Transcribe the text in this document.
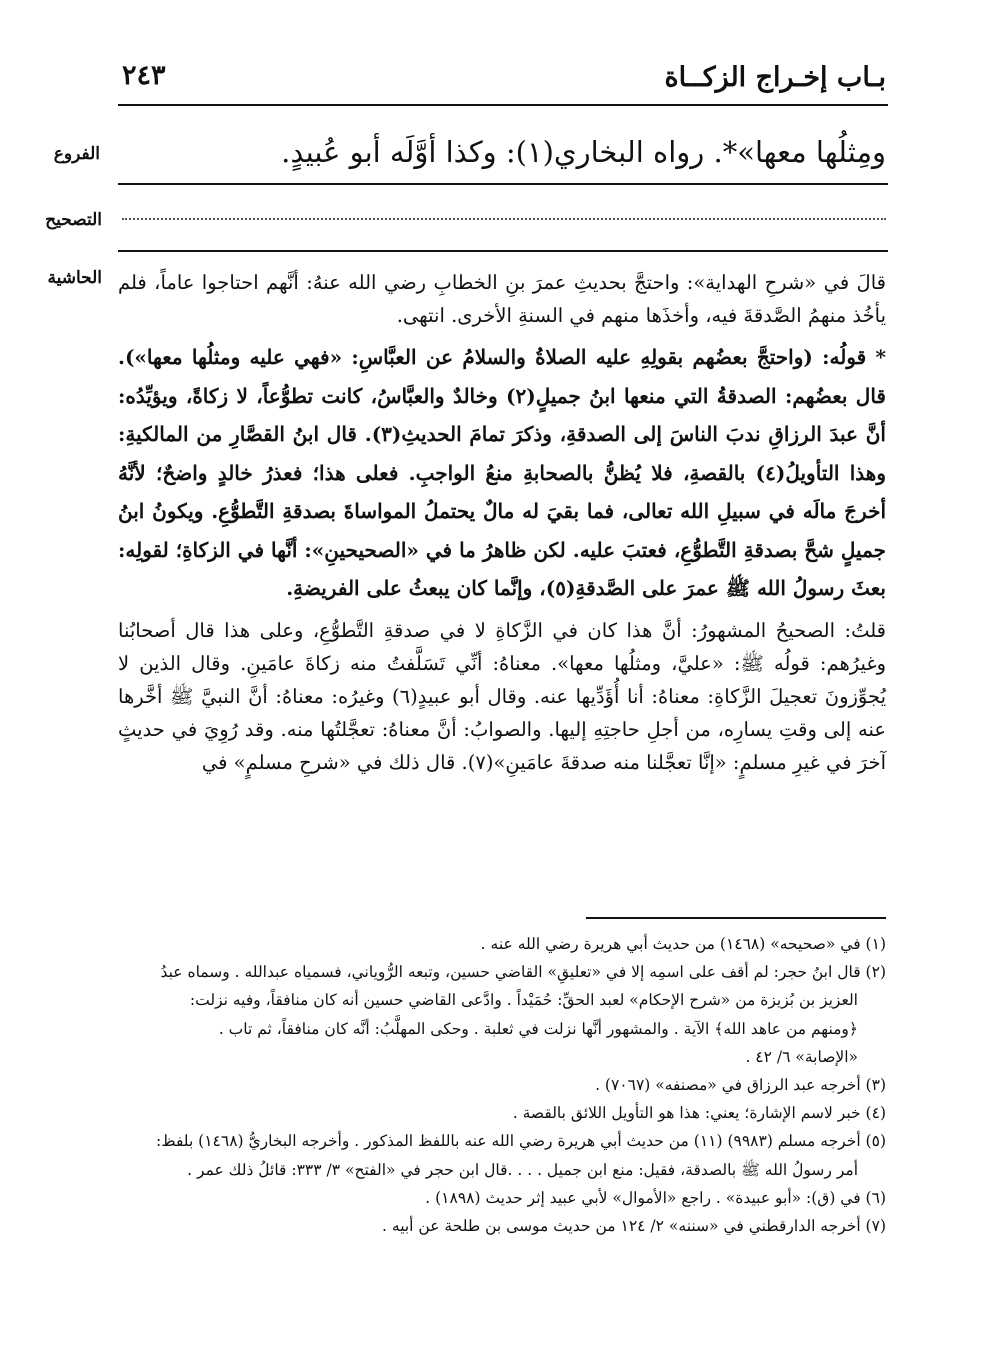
بـاب إخـراج الزكــاة
٢٤٣
الفروع
التصحيح
الحاشية
ومِثلُها معها»*. رواه البخاري(١): وكذا أوَّلَه أبو عُبيدٍ.

قالَ في «شرحِ الهداية»: واحتجَّ بحديثِ عمرَ بنِ الخطابِ رضي الله عنهُ: أنَّهم احتاجوا عاماً، فلم يأخُذ منهمُ الصَّدقةَ فيه، وأخذَها منهم في السنةِ الأخرى. انتهى.

* قولُه: (واحتجَّ بعضُهم بقولِهِ عليه الصلاةُ والسلامُ عن العبَّاسِ: «فهي عليه ومثلُها معها»). قال بعضُهم: الصدقةُ التي منعها ابنُ جميلٍ(٢) وخالدٌ والعبَّاسُ، كانت تطوُّعاً، لا زكاةً، ويؤيِّدُه: أنَّ عبدَ الرزاقِ ندبَ الناسَ إلى الصدقةِ، وذكرَ تمامَ الحديثِ(٣). قال ابنُ القصَّارِ من المالكيةِ: وهذا التأويلُ(٤) بالقصةِ، فلا يُظنُّ بالصحابةِ منعُ الواجبِ. فعلى هذا؛ فعذرُ خالدٍ واضحٌ؛ لأنَّهُ أخرجَ مالَه في سبيلِ الله تعالى، فما بقيَ له مالٌ يحتملُ المواساةَ بصدقةِ التَّطوُّعِ. ويكونُ ابنُ جميلٍ شحَّ بصدقةِ التَّطوُّعِ، فعتبَ عليه. لكن ظاهرُ ما في «الصحيحينِ»: أنَّها في الزكاةِ؛ لقولِه: بعثَ رسولُ الله ﷺ عمرَ على الصَّدقةِ(٥)، وإنَّما كان يبعثُ على الفريضةِ.

قلتُ: الصحيحُ المشهورُ: أنَّ هذا كان في الزَّكاةِ لا في صدقةِ التَّطوُّعِ، وعلى هذا قال أصحابُنا وغيرُهم: قولُه ﷺ: «عليَّ، ومثلُها معها». معناهُ: أنِّي تَسَلَّفتُ منه زكاةَ عامَينِ. وقال الذين لا يُجوِّزونَ تعجيلَ الزَّكاةِ: معناهُ: أنا أُؤَدِّيها عنه. وقال أبو عبيدٍ(٦) وغيرُه: معناهُ: أنَّ النبيَّ ﷺ أخَّرها عنه إلى وقتِ يسارِه، من أجلِ حاجتِهِ إليها. والصوابُ: أنَّ معناهُ: تعجَّلتُها منه. وقد رُوِيَ في حديثٍ آخرَ في غيرِ مسلمٍ: «إنَّا تعجَّلنا منه صدقةَ عامَينِ»(٧). قال ذلك في «شرحِ مسلمٍ» في

(١) في «صحيحه» (١٤٦٨) من حديث أبي هريرة رضي الله عنه .

(٢) قال ابنُ حجر: لم أقف على اسمِه إلا في «تعليقِ» القاضي حسين، وتبعه الرُّوياني، فسمياه عبدالله . وسماه عبدُ

العزيز بن بُزيزة من «شرح الإحكام» لعبد الحقِّ: حُمَيْداً . وادَّعى القاضي حسين أنه كان منافقاً، وفيه نزلت:

﴿ومنهم من عاهد الله﴾ الآية . والمشهور أنَّها نزلت في ثعلبة . وحكى المهلَّبُ: أنَّه كان منافقاً، ثم تاب .

«الإصابة» ٦/ ٤٢ .

(٣) أخرجه عبد الرزاق في «مصنفه» (٧٠٦٧) .

(٤) خبر لاسم الإشارة؛ يعني: هذا هو التأويل اللائق بالقصة .

(٥) أخرجه مسلم (٩٩٨٣) (١١) من حديث أبي هريرة رضي الله عنه باللفظ المذكور . وأخرجه البخاريُّ (١٤٦٨) بلفظ:

أمر رسولُ الله ﷺ بالصدقة، فقيل: منع ابن جميل . . . .قال ابن حجر في «الفتح» ٣/ ٣٣٣: قائلُ ذلك عمر .

(٦) في (ق): «أبو عبيدة» . راجع «الأموال» لأبي عبيد إثر حديث (١٨٩٨) .

(٧) أخرجه الدارقطني في «سننه» ٢/ ١٢٤ من حديث موسى بن طلحة عن أبيه .
